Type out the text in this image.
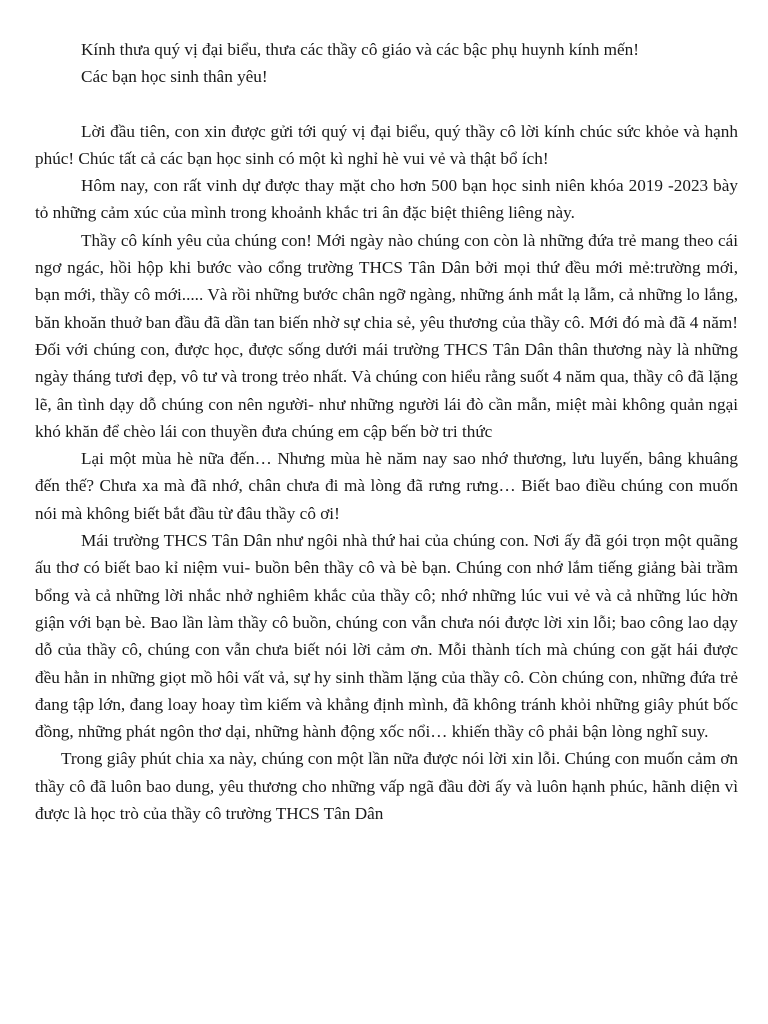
Kính thưa quý vị đại biểu, thưa các thầy cô giáo và các bậc phụ huynh kính mến!

Các bạn học sinh thân yêu!

Lời đầu tiên, con xin được gửi tới quý vị đại biểu, quý thầy cô lời kính chúc sức khỏe và hạnh phúc! Chúc tất cả các bạn học sinh có một kì nghỉ hè vui vẻ và thật bổ ích!

Hôm nay, con rất vinh dự được thay mặt cho hơn 500 bạn học sinh niên khóa 2019 -2023 bày tỏ những cảm xúc của mình trong khoảnh khắc tri ân đặc biệt thiêng liêng này.

Thầy cô kính yêu của chúng con! Mới ngày nào chúng con còn là những đứa trẻ mang theo cái ngơ ngác, hồi hộp khi bước vào cổng trường THCS Tân Dân bởi mọi thứ đều mới mẻ:trường mới, bạn mới, thầy cô mới..... Và rồi những bước chân ngỡ ngàng, những ánh mắt lạ lẫm, cả những lo lắng, băn khoăn thuở ban đầu đã dần tan biến nhờ sự chia sẻ, yêu thương của thầy cô. Mới đó mà đã 4 năm! Đối với chúng con, được học, được sống dưới mái trường THCS Tân Dân thân thương này là những ngày tháng tươi đẹp, vô tư và trong trẻo nhất. Và chúng con hiểu rằng suốt 4 năm qua, thầy cô đã lặng lẽ, ân tình dạy dỗ chúng con nên người- như những người lái đò cần mẫn, miệt mài không quản ngại khó khăn để chèo lái con thuyền đưa chúng em cập bến bờ tri thức

Lại một mùa hè nữa đến… Nhưng mùa hè năm nay sao nhớ thương, lưu luyến, bâng khuâng đến thế? Chưa xa mà đã nhớ, chân chưa đi mà lòng đã rưng rưng… Biết bao điều chúng con muốn nói mà không biết bắt đầu từ đâu thầy cô ơi!

Mái trường THCS Tân Dân như ngôi nhà thứ hai của chúng con. Nơi ấy đã gói trọn một quãng ấu thơ có biết bao kỉ niệm vui- buồn bên thầy cô và bè bạn. Chúng con nhớ lắm tiếng giảng bài trầm bổng và cả những lời nhắc nhở nghiêm khắc của thầy cô; nhớ những lúc vui vẻ và cả những lúc hờn giận với bạn bè. Bao lần làm thầy cô buồn, chúng con vẫn chưa nói được lời xin lỗi; bao công lao dạy dỗ của thầy cô, chúng con vẫn chưa biết nói lời cảm ơn. Mỗi thành tích mà chúng con gặt hái được đều hằn in những giọt mồ hôi vất vả, sự hy sinh thầm lặng của thầy cô. Còn chúng con, những đứa trẻ đang tập lớn, đang loay hoay tìm kiếm và khẳng định mình, đã không tránh khỏi những giây phút bốc đồng, những phát ngôn thơ dại, những hành động xốc nổi… khiến thầy cô phải bận lòng nghĩ suy.

Trong giây phút chia xa này, chúng con một lần nữa được nói lời xin lỗi. Chúng con muốn cảm ơn thầy cô đã luôn bao dung, yêu thương cho những vấp ngã đầu đời ấy và luôn hạnh phúc, hãnh diện vì được là học trò của thầy cô trường THCS Tân Dân
